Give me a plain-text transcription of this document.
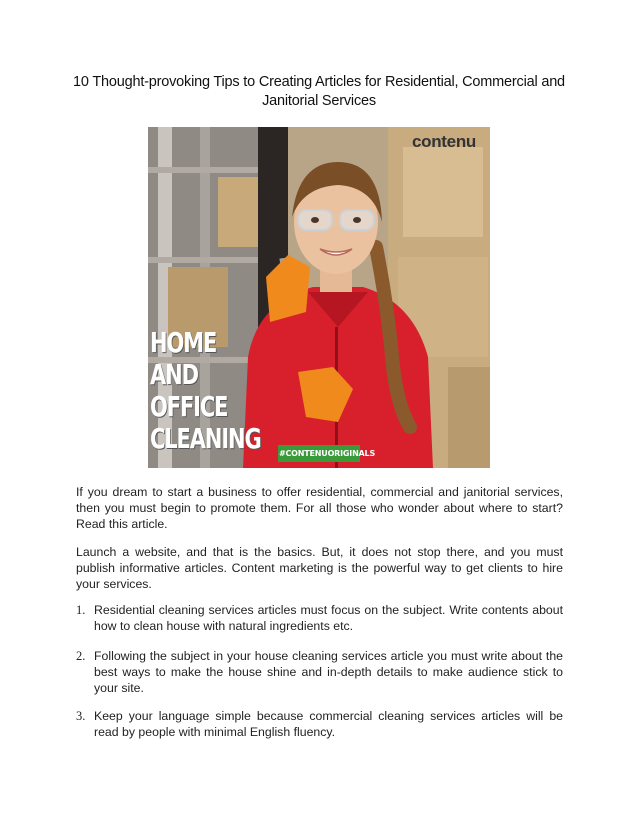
10 Thought-provoking Tips to Creating Articles for Residential, Commercial and Janitorial Services
contenu
HOME
AND
OFFICE
CLEANING #CONTENUORIGINALS

If you dream to start a business to offer residential, commercial and janitorial services, then you must begin to promote them. For all those who wonder about where to start? Read this article.

Launch a website, and that is the basics. But, it does not stop there, and you must publish informative articles. Content marketing is the powerful way to get clients to hire your services.

1. Residential cleaning services articles must focus on the subject. Write contents about how to clean house with natural ingredients etc.
2. Following the subject in your house cleaning services article you must write about the best ways to make the house shine and in-depth details to make audience stick to your site.
3. Keep your language simple because commercial cleaning services articles will be read by people with minimal English fluency.
